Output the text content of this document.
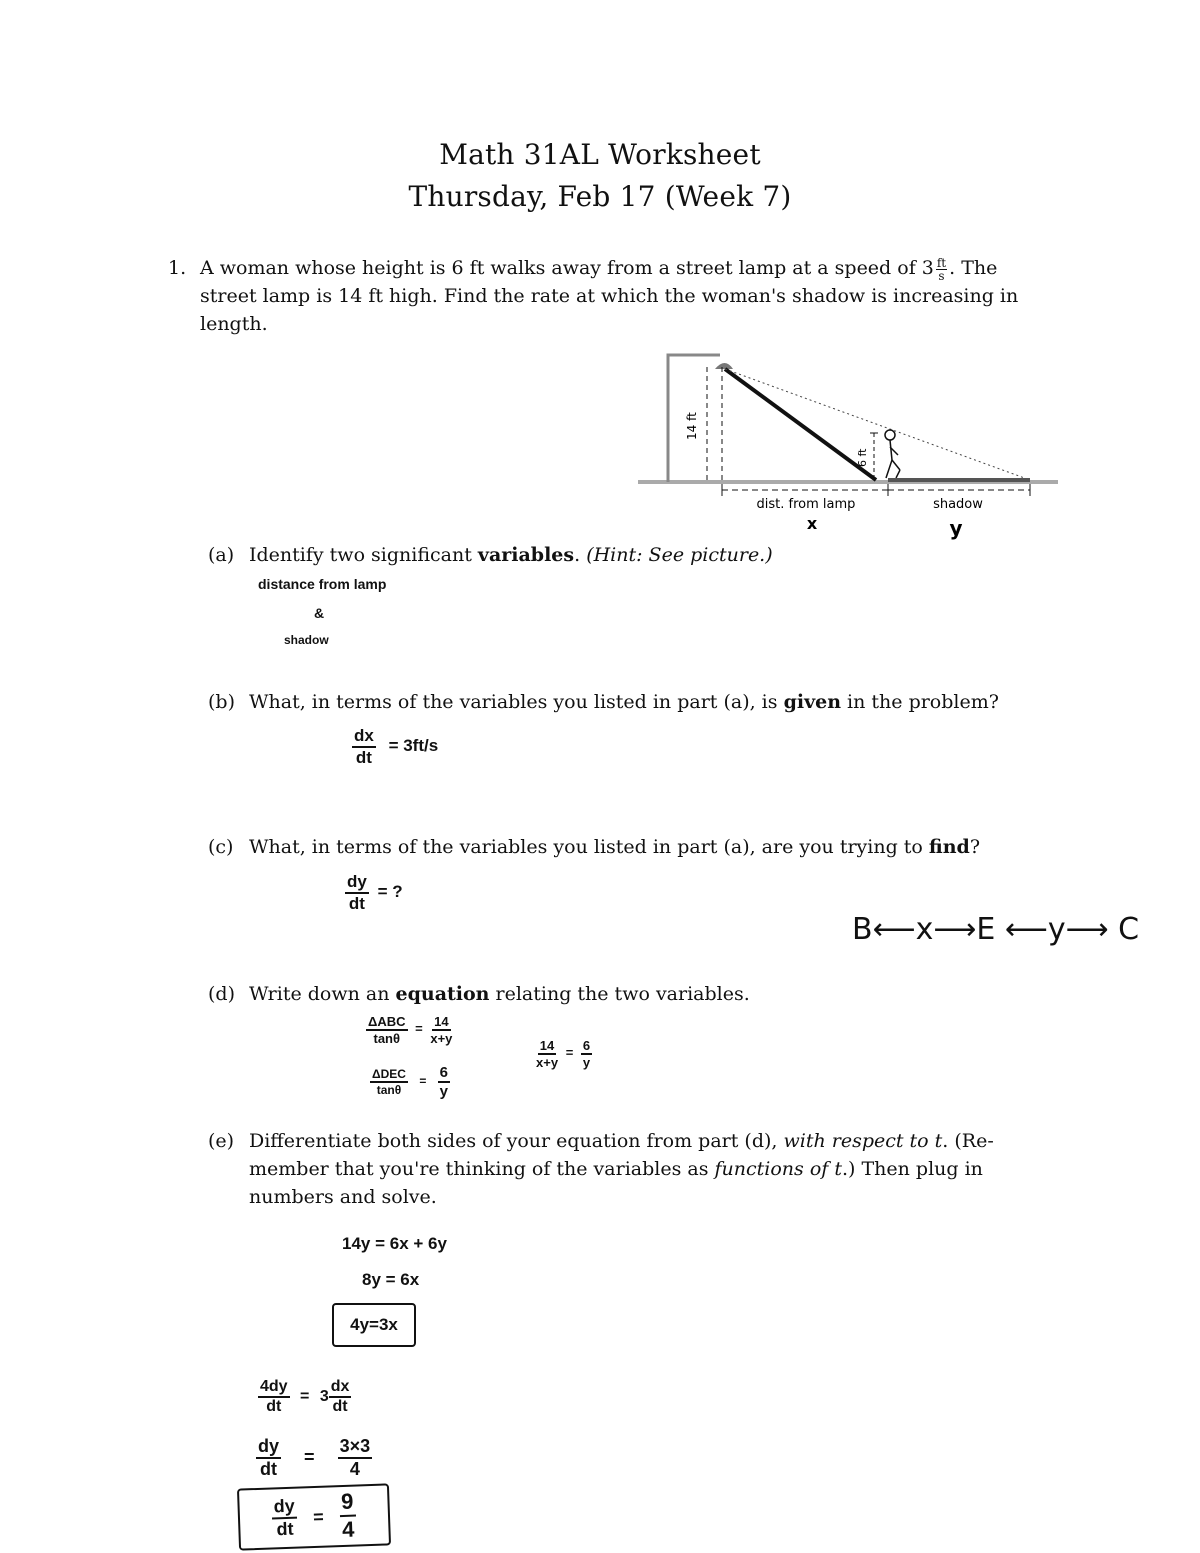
Math 31AL Worksheet
Thursday, Feb 17 (Week 7)
1. A woman whose height is 6 ft walks away from a street lamp at a speed of $3 \frac{ft}{s}$ . The
street lamp is 14 ft high. Find the rate at which the woman's shadow is increasing in
length.
14 ft
6 ft
dist. from lamp	shadow
x	y
(a) Identify two significant variables. (Hint: See picture.)
distance from lamp
&
shadow
(b) What, in terms of the variables you listed in part (a), is given in the problem?
$\frac{dx}{dt} = 3ft/s$
(c) What, in terms of the variables you listed in part (a), are you trying to find?
$\frac{dy}{dt}$ = ?
B⟵x⟶E ⟵y⟶ C
(d) Write down an equation relating the two variables.
$\frac{\text{ΔABC}}{\tan\theta} = \frac{14}{x+y}$
$\frac{\text{ΔDEC}}{\tan\theta} = \frac{6}{y}$
$\frac{14}{x+y} = \frac{6}{y}$
(e) Differentiate both sides of your equation from part (d), with respect to t. (Re-
member that you're thinking of the variables as functions of t.) Then plug in
numbers and solve.
14y = 6x + 6y
8y = 6x
4y=3x
$\frac{4dy}{dt} = 3 \frac{dx}{dt}$
$\frac{dy}{dt} = \frac{3\times 3}{4}$
$\frac{dy}{dt} = \frac{9}{4}$
